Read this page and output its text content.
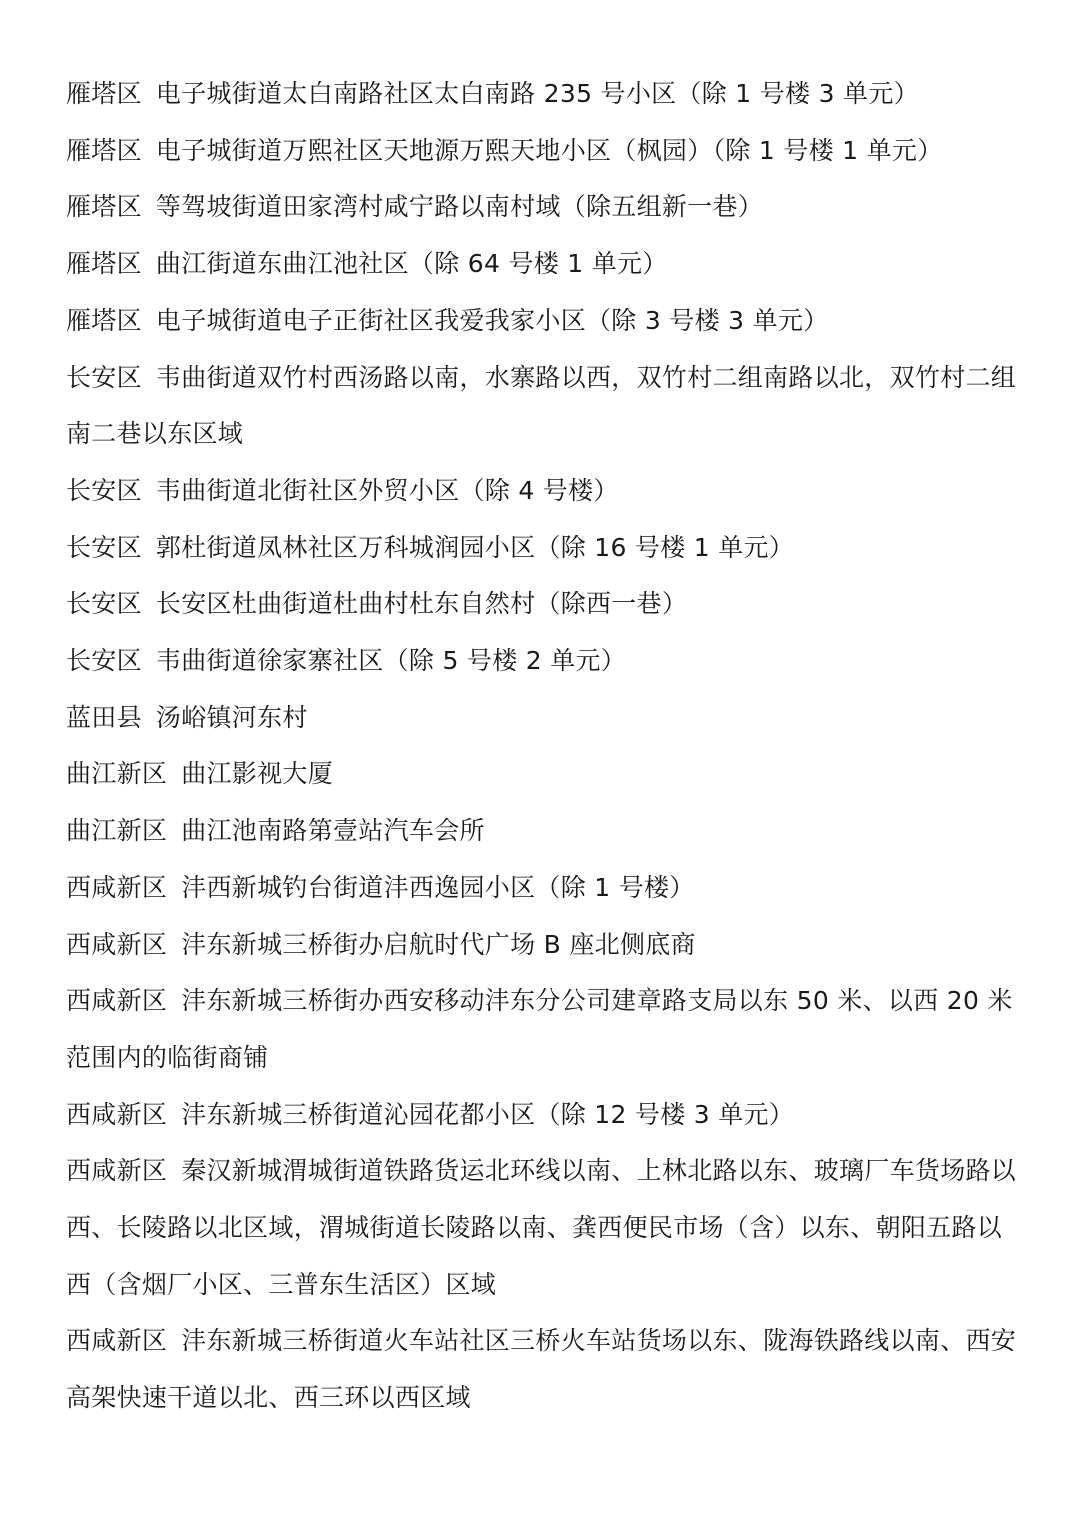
雁塔区 电子城街道太白南路社区太白南路 235 号小区（除 1 号楼 3 单元）
雁塔区 电子城街道万熙社区天地源万熙天地小区（枫园）（除 1 号楼 1 单元）
雁塔区 等驾坡街道田家湾村咸宁路以南村域（除五组新一巷）
雁塔区 曲江街道东曲江池社区（除 64 号楼 1 单元）
雁塔区 电子城街道电子正街社区我爱我家小区（除 3 号楼 3 单元）
长安区 韦曲街道双竹村西汤路以南，水寨路以西，双竹村二组南路以北，双竹村二组南二巷以东区域
长安区 韦曲街道北街社区外贸小区（除 4 号楼）
长安区 郭杜街道凤林社区万科城润园小区（除 16 号楼 1 单元）
长安区 长安区杜曲街道杜曲村杜东自然村（除西一巷）
长安区 韦曲街道徐家寨社区（除 5 号楼 2 单元）
蓝田县 汤峪镇河东村
曲江新区 曲江影视大厦
曲江新区 曲江池南路第壹站汽车会所
西咸新区 沣西新城钓台街道沣西逸园小区（除 1 号楼）
西咸新区 沣东新城三桥街办启航时代广场 B 座北侧底商
西咸新区 沣东新城三桥街办西安移动沣东分公司建章路支局以东 50 米、以西 20 米范围内的临街商铺
西咸新区 沣东新城三桥街道沁园花都小区（除 12 号楼 3 单元）
西咸新区 秦汉新城渭城街道铁路货运北环线以南、上林北路以东、玻璃厂车货场路以西、长陵路以北区域，渭城街道长陵路以南、龚西便民市场（含）以东、朝阳五路以西（含烟厂小区、三普东生活区）区域
西咸新区 沣东新城三桥街道火车站社区三桥火车站货场以东、陇海铁路线以南、西安高架快速干道以北、西三环以西区域
